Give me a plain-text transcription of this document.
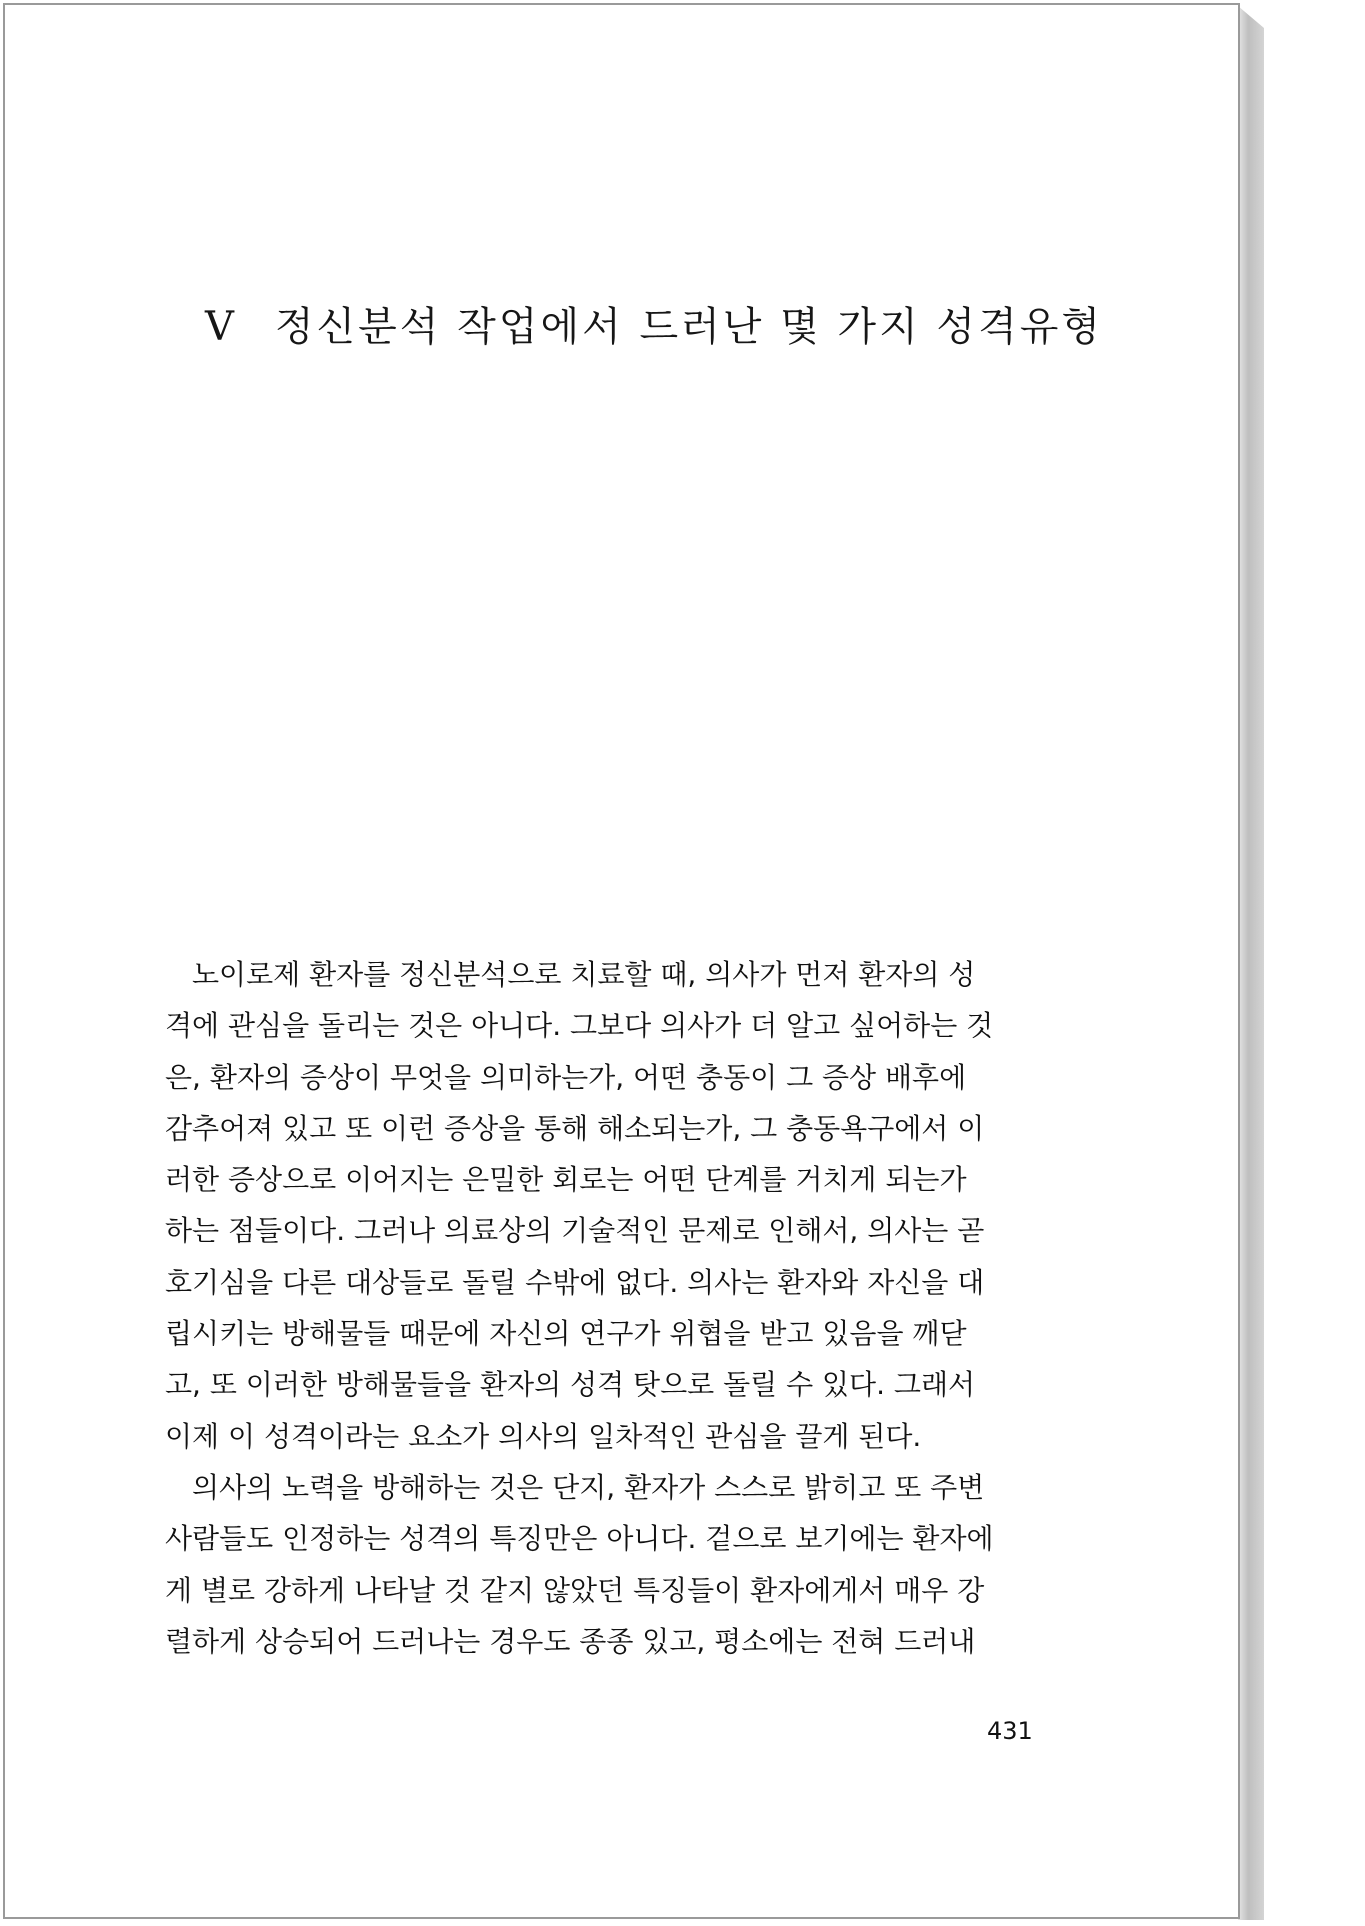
V 정신분석 작업에서 드러난 몇 가지 성격유형
노이로제 환자를 정신분석으로 치료할 때, 의사가 먼저 환자의 성
격에 관심을 돌리는 것은 아니다. 그보다 의사가 더 알고 싶어하는 것
은, 환자의 증상이 무엇을 의미하는가, 어떤 충동이 그 증상 배후에
감추어져 있고 또 이런 증상을 통해 해소되는가, 그 충동욕구에서 이
러한 증상으로 이어지는 은밀한 회로는 어떤 단계를 거치게 되는가
하는 점들이다. 그러나 의료상의 기술적인 문제로 인해서, 의사는 곧
호기심을 다른 대상들로 돌릴 수밖에 없다. 의사는 환자와 자신을 대
립시키는 방해물들 때문에 자신의 연구가 위협을 받고 있음을 깨닫
고, 또 이러한 방해물들을 환자의 성격 탓으로 돌릴 수 있다. 그래서
이제 이 성격이라는 요소가 의사의 일차적인 관심을 끌게 된다.
의사의 노력을 방해하는 것은 단지, 환자가 스스로 밝히고 또 주변
사람들도 인정하는 성격의 특징만은 아니다. 겉으로 보기에는 환자에
게 별로 강하게 나타날 것 같지 않았던 특징들이 환자에게서 매우 강
렬하게 상승되어 드러나는 경우도 종종 있고, 평소에는 전혀 드러내
431
